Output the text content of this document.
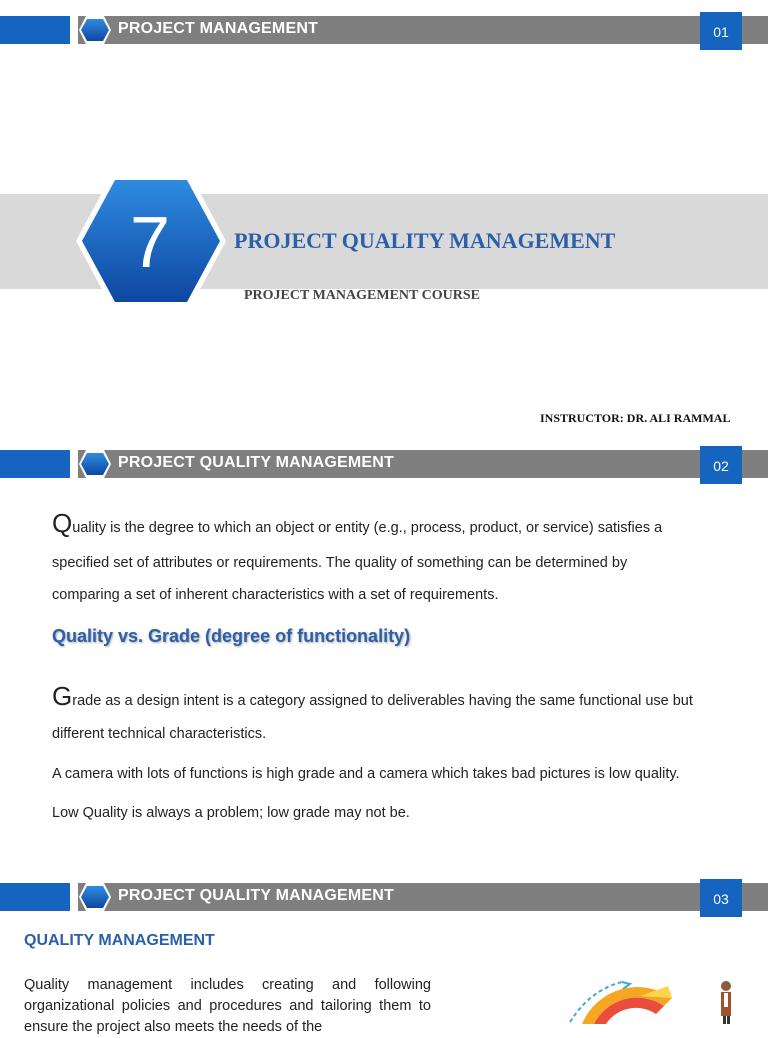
PROJECT MANAGEMENT	01
7	PROJECT QUALITY MANAGEMENT
PROJECT MANAGEMENT COURSE
INSTRUCTOR: DR. ALI RAMMAL
PROJECT QUALITY MANAGEMENT	02
Quality is the degree to which an object or entity (e.g., process, product, or service) satisfies a
specified set of attributes or requirements. The quality of something can be determined by
comparing a set of inherent characteristics with a set of requirements.
Quality vs. Grade (degree of functionality)
Grade as a design intent is a category assigned to deliverables having the same functional use but
different technical characteristics.
A camera with lots of functions is high grade and a camera which takes bad pictures is low quality.
Low Quality is always a problem; low grade may not be.
PROJECT QUALITY MANAGEMENT	03
QUALITY MANAGEMENT
Quality management includes creating and following organizational policies and procedures and tailoring them to ensure the project also meets the needs of the
